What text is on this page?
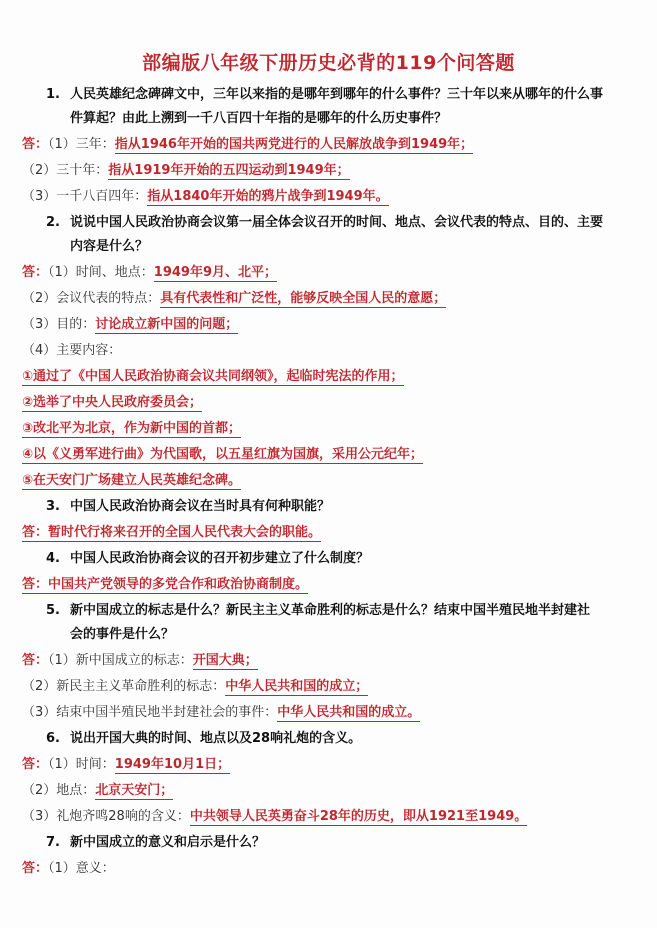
部编版八年级下册历史必背的119个问答题
1. 人民英雄纪念碑碑文中，三年以来指的是哪年到哪年的什么事件？三十年以来从哪年的什么事
件算起？由此上溯到一千八百四十年指的是哪年的什么历史事件？
答：（1）三年：指从1946年开始的国共两党进行的人民解放战争到1949年；
（2）三十年：指从1919年开始的五四运动到1949年；
（3）一千八百四年：指从1840年开始的鸦片战争到1949年。
2. 说说中国人民政治协商会议第一届全体会议召开的时间、地点、会议代表的特点、目的、主要
内容是什么？
答：（1）时间、地点：1949年9月、北平；
（2）会议代表的特点：具有代表性和广泛性，能够反映全国人民的意愿；
（3）目的：讨论成立新中国的问题；
（4）主要内容：
①通过了《中国人民政治协商会议共同纲领》，起临时宪法的作用；
②选举了中央人民政府委员会；
③改北平为北京，作为新中国的首都；
④以《义勇军进行曲》为代国歌，以五星红旗为国旗，采用公元纪年；
⑤在天安门广场建立人民英雄纪念碑。
3. 中国人民政治协商会议在当时具有何种职能？
答：暂时代行将来召开的全国人民代表大会的职能。
4. 中国人民政治协商会议的召开初步建立了什么制度？
答：中国共产党领导的多党合作和政治协商制度。
5. 新中国成立的标志是什么？新民主主义革命胜利的标志是什么？结束中国半殖民地半封建社
会的事件是什么？
答：（1）新中国成立的标志：开国大典；
（2）新民主主义革命胜利的标志：中华人民共和国的成立；
（3）结束中国半殖民地半封建社会的事件：中华人民共和国的成立。
6. 说出开国大典的时间、地点以及28响礼炮的含义。
答：（1）时间：1949年10月1日；
（2）地点：北京天安门；
（3）礼炮齐鸣28响的含义：中共领导人民英勇奋斗28年的历史，即从1921至1949。
7. 新中国成立的意义和启示是什么？
答：（1）意义：
